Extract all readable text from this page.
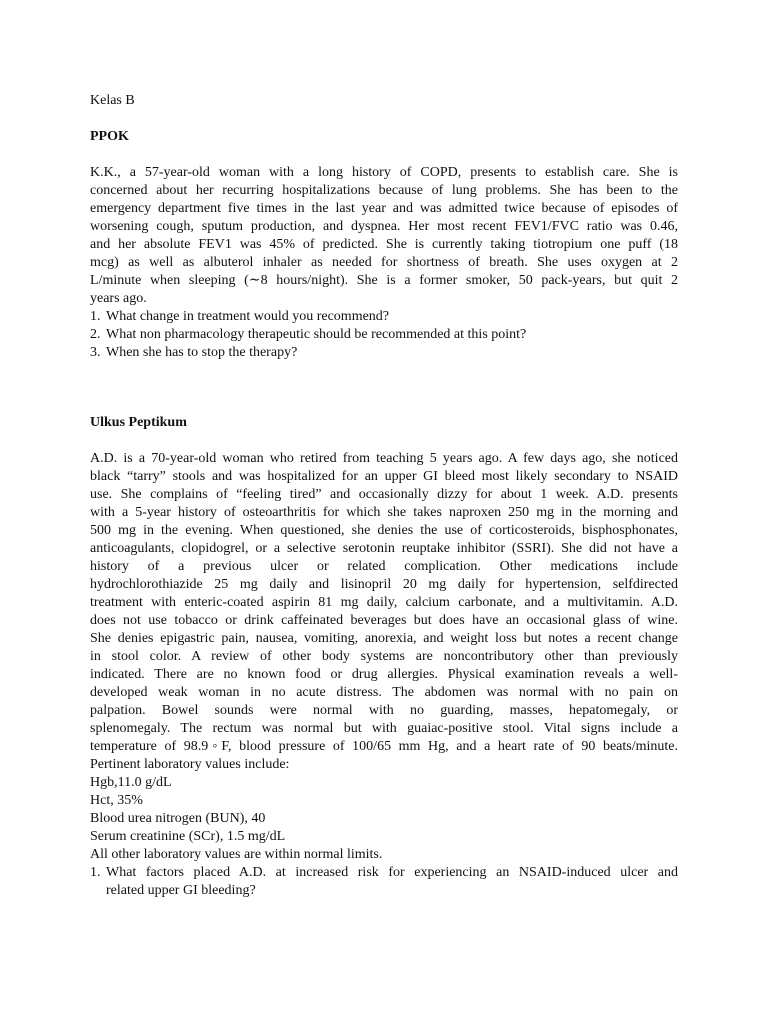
Kelas B
PPOK
K.K., a 57-year-old woman with a long history of COPD, presents to establish care. She is
concerned about her recurring hospitalizations because of lung problems. She has been to the
emergency department five times in the last year and was admitted twice because of episodes of
worsening cough, sputum production, and dyspnea. Her most recent FEV1/FVC ratio was 0.46,
and her absolute FEV1 was 45% of predicted. She is currently taking tiotropium one puff (18
mcg) as well as albuterol inhaler as needed for shortness of breath. She uses oxygen at 2
L/minute when sleeping (∼8 hours/night). She is a former smoker, 50 pack-years, but quit 2
years ago.
1. What change in treatment would you recommend?
2. What non pharmacology therapeutic should be recommended at this point?
3. When she has to stop the therapy?
Ulkus Peptikum
A.D. is a 70-year-old woman who retired from teaching 5 years ago. A few days ago, she noticed
black “tarry” stools and was hospitalized for an upper GI bleed most likely secondary to NSAID
use. She complains of “feeling tired” and occasionally dizzy for about 1 week. A.D. presents
with a 5-year history of osteoarthritis for which she takes naproxen 250 mg in the morning and
500 mg in the evening. When questioned, she denies the use of corticosteroids, bisphosphonates,
anticoagulants, clopidogrel, or a selective serotonin reuptake inhibitor (SSRI). She did not have a
history of a previous ulcer or related complication. Other medications include
hydrochlorothiazide 25 mg daily and lisinopril 20 mg daily for hypertension, selfdirected
treatment with enteric-coated aspirin 81 mg daily, calcium carbonate, and a multivitamin. A.D.
does not use tobacco or drink caffeinated beverages but does have an occasional glass of wine.
She denies epigastric pain, nausea, vomiting, anorexia, and weight loss but notes a recent change
in stool color. A review of other body systems are noncontributory other than previously
indicated. There are no known food or drug allergies. Physical examination reveals a well-
developed weak woman in no acute distress. The abdomen was normal with no pain on
palpation. Bowel sounds were normal with no guarding, masses, hepatomegaly, or
splenomegaly. The rectum was normal but with guaiac-positive stool. Vital signs include a
temperature of 98.9◦F, blood pressure of 100/65 mm Hg, and a heart rate of 90 beats/minute.
Pertinent laboratory values include:
Hgb,11.0 g/dL
Hct, 35%
Blood urea nitrogen (BUN), 40
Serum creatinine (SCr), 1.5 mg/dL
All other laboratory values are within normal limits.
1. What factors placed A.D. at increased risk for experiencing an NSAID-induced ulcer and
related upper GI bleeding?
